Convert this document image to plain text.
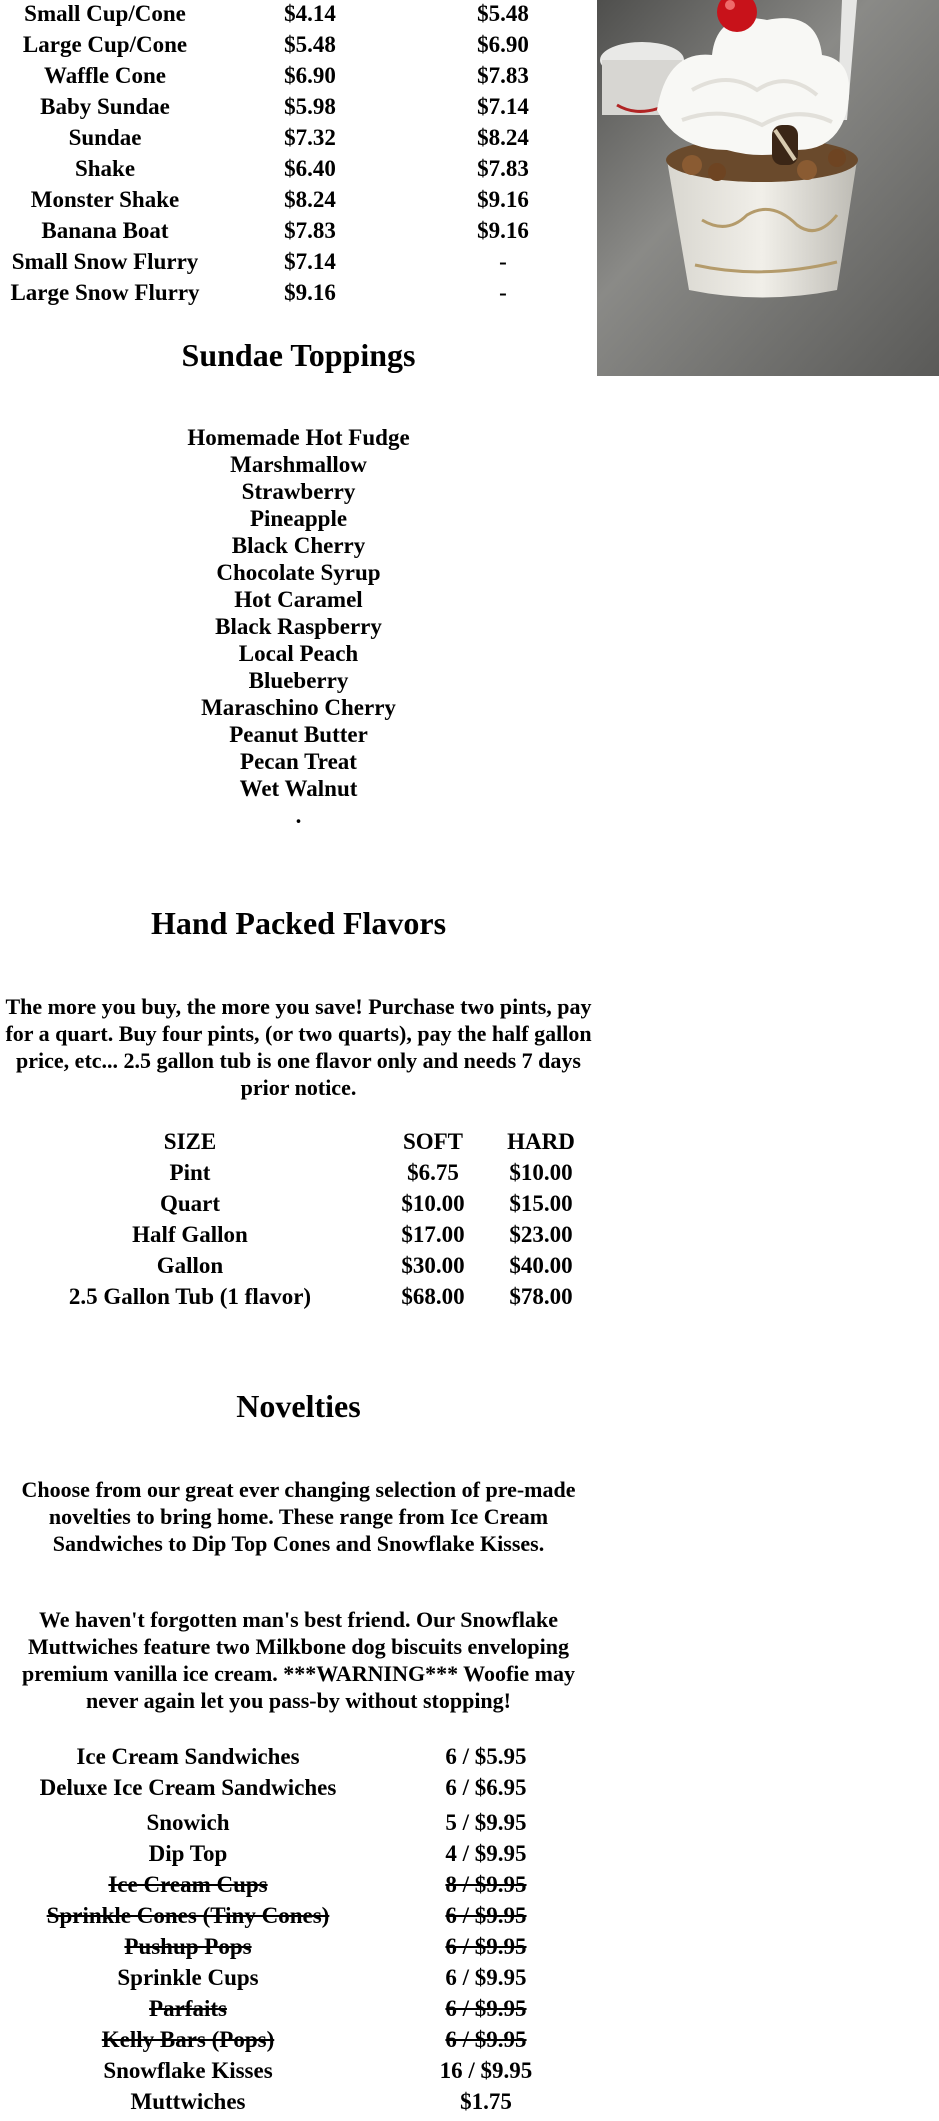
Small Cup/Cone	$4.14	$5.48
Large Cup/Cone	$5.48	$6.90
Waffle Cone	$6.90	$7.83
Baby Sundae	$5.98	$7.14
Sundae	$7.32	$8.24
Shake	$6.40	$7.83
Monster Shake	$8.24	$9.16
Banana Boat	$7.83	$9.16
Small Snow Flurry	$7.14	-
Large Snow Flurry	$9.16	-
Sundae Toppings
Homemade Hot Fudge
Marshmallow
Strawberry
Pineapple
Black Cherry
Chocolate Syrup
Hot Caramel
Black Raspberry
Local Peach
Blueberry
Maraschino Cherry
Peanut Butter
Pecan Treat
Wet Walnut
.
Hand Packed Flavors
The more you buy, the more you save! Purchase two pints, pay for a quart. Buy four pints, (or two quarts), pay the half gallon price, etc... 2.5 gallon tub is one flavor only and needs 7 days prior notice.
SIZE	SOFT	HARD
Pint	$6.75	$10.00
Quart	$10.00	$15.00
Half Gallon	$17.00	$23.00
Gallon	$30.00	$40.00
2.5 Gallon Tub (1 flavor)	$68.00	$78.00
Novelties
Choose from our great ever changing selection of pre-made novelties to bring home. These range from Ice Cream Sandwiches to Dip Top Cones and Snowflake Kisses.
We haven't forgotten man's best friend. Our Snowflake Muttwiches feature two Milkbone dog biscuits enveloping premium vanilla ice cream. ***WARNING*** Woofie may never again let you pass-by without stopping!
Ice Cream Sandwiches	6 / $5.95
Deluxe Ice Cream Sandwiches	6 / $6.95
Snowich	5 / $9.95
Dip Top	4 / $9.95
Ice Cream Cups	8 / $9.95
Sprinkle Cones (Tiny Cones)	6 / $9.95
Pushup Pops	6 / $9.95
Sprinkle Cups	6 / $9.95
Parfaits	6 / $9.95
Kelly Bars (Pops)	6 / $9.95
Snowflake Kisses	16 / $9.95
Muttwiches	$1.75
